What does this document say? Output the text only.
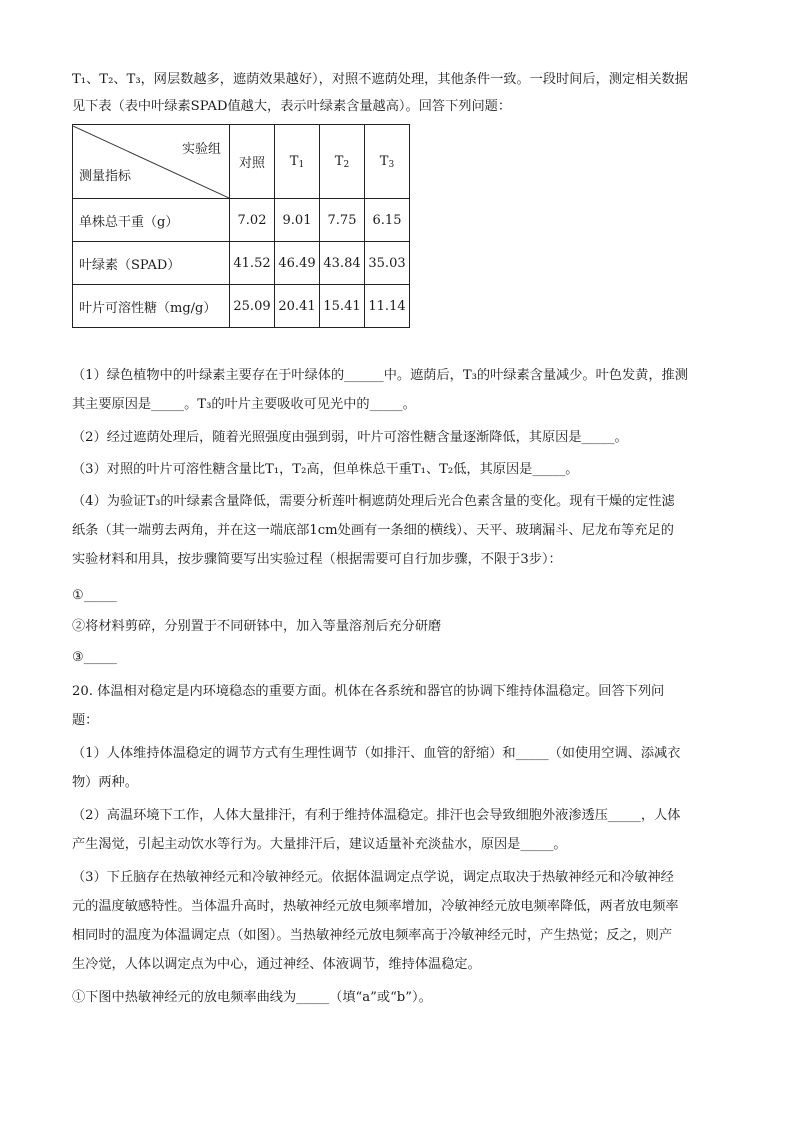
T₁、T₂、T₃，网层数越多，遮荫效果越好），对照不遮荫处理，其他条件一致。一段时间后，测定相关数据
见下表（表中叶绿素SPAD值越大，表示叶绿素含量越高）。回答下列问题：
实验组
测量指标	对照	$T_1$	$T_2$	$T_3$
单株总干重（g）	7.02	9.01	7.75	6.15
叶绿素（SPAD）	41.52	46.49	43.84	35.03
叶片可溶性糖（mg/g）	25.09	20.41	15.41	11.14
（1）绿色植物中的叶绿素主要存在于叶绿体的______中。遮荫后，T₃的叶绿素含量减少。叶色发黄，推测
其主要原因是_____。T₃的叶片主要吸收可见光中的_____。
（2）经过遮荫处理后，随着光照强度由强到弱，叶片可溶性糖含量逐渐降低，其原因是_____。
（3）对照的叶片可溶性糖含量比T₁，T₂高，但单株总干重T₁、T₂低，其原因是_____。
（4）为验证T₃的叶绿素含量降低，需要分析莲叶桐遮荫处理后光合色素含量的变化。现有干燥的定性滤
纸条（其一端剪去两角，并在这一端底部1cm处画有一条细的横线）、天平、玻璃漏斗、尼龙布等充足的
实验材料和用具，按步骤简要写出实验过程（根据需要可自行加步骤，不限于3步）：
①_____
②将材料剪碎，分别置于不同研钵中，加入等量溶剂后充分研磨
③_____
20. 体温相对稳定是内环境稳态的重要方面。机体在各系统和器官的协调下维持体温稳定。回答下列问
题：
（1）人体维持体温稳定的调节方式有生理性调节（如排汗、血管的舒缩）和_____（如使用空调、添减衣
物）两种。
（2）高温环境下工作，人体大量排汗，有利于维持体温稳定。排汗也会导致细胞外液渗透压_____，人体
产生渴觉，引起主动饮水等行为。大量排汗后，建议适量补充淡盐水，原因是_____。
（3）下丘脑存在热敏神经元和冷敏神经元。依据体温调定点学说，调定点取决于热敏神经元和冷敏神经
元的温度敏感特性。当体温升高时，热敏神经元放电频率增加，冷敏神经元放电频率降低，两者放电频率
相同时的温度为体温调定点（如图）。当热敏神经元放电频率高于冷敏神经元时，产生热觉；反之，则产
生冷觉，人体以调定点为中心，通过神经、体液调节，维持体温稳定。
①下图中热敏神经元的放电频率曲线为_____（填“a”或“b”）。
